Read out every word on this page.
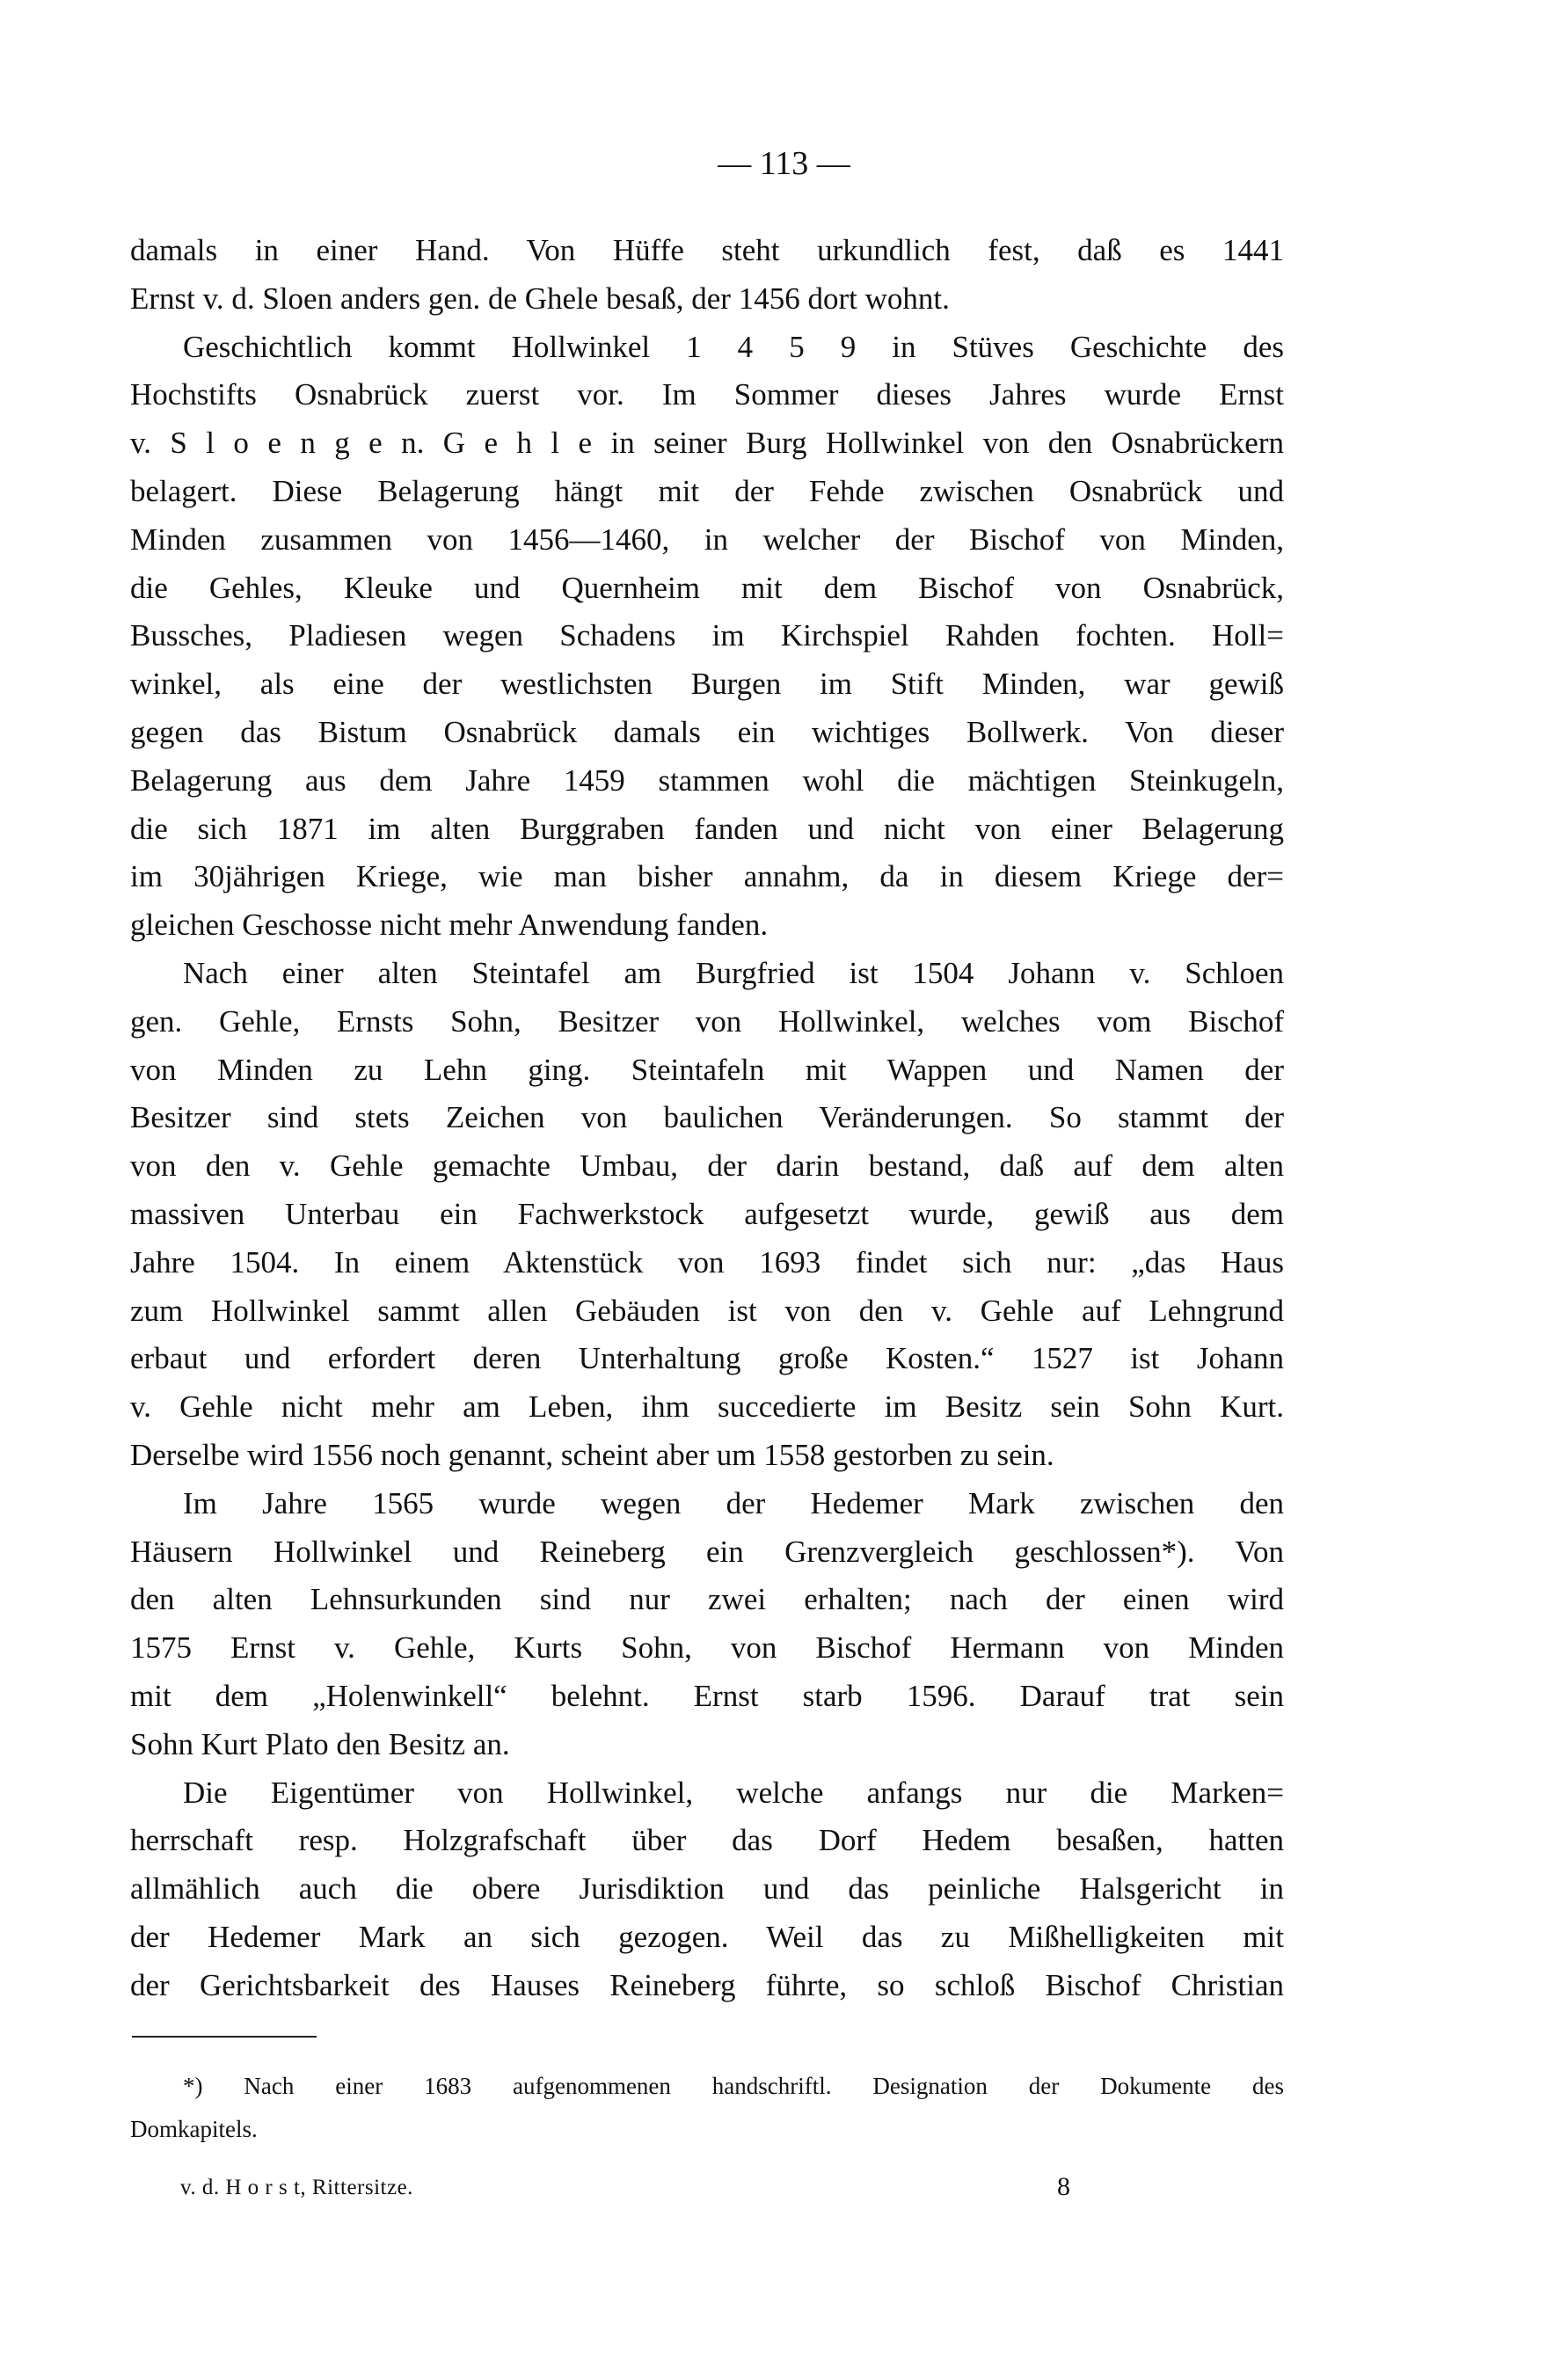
— 113 —
damals in einer Hand. Von Hüffe steht urkundlich fest, daß es 1441
Ernst v. d. Sloen anders gen. de Ghele besaß, der 1456 dort wohnt.
Geschichtlich kommt Hollwinkel 1 4 5 9 in Stüves Geschichte des
Hochstifts Osnabrück zuerst vor. Im Sommer dieses Jahres wurde Ernst
v. S l o e n g e n. G e h l e in seiner Burg Hollwinkel von den Osnabrückern
belagert. Diese Belagerung hängt mit der Fehde zwischen Osnabrück und
Minden zusammen von 1456—1460, in welcher der Bischof von Minden,
die Gehles, Kleuke und Quernheim mit dem Bischof von Osnabrück,
Bussches, Pladiesen wegen Schadens im Kirchspiel Rahden fochten. Holl=
winkel, als eine der westlichsten Burgen im Stift Minden, war gewiß
gegen das Bistum Osnabrück damals ein wichtiges Bollwerk. Von dieser
Belagerung aus dem Jahre 1459 stammen wohl die mächtigen Steinkugeln,
die sich 1871 im alten Burggraben fanden und nicht von einer Belagerung
im 30jährigen Kriege, wie man bisher annahm, da in diesem Kriege der=
gleichen Geschosse nicht mehr Anwendung fanden.
Nach einer alten Steintafel am Burgfried ist 1504 Johann v. Schloen
gen. Gehle, Ernsts Sohn, Besitzer von Hollwinkel, welches vom Bischof
von Minden zu Lehn ging. Steintafeln mit Wappen und Namen der
Besitzer sind stets Zeichen von baulichen Veränderungen. So stammt der
von den v. Gehle gemachte Umbau, der darin bestand, daß auf dem alten
massiven Unterbau ein Fachwerkstock aufgesetzt wurde, gewiß aus dem
Jahre 1504. In einem Aktenstück von 1693 findet sich nur: „das Haus
zum Hollwinkel sammt allen Gebäuden ist von den v. Gehle auf Lehngrund
erbaut und erfordert deren Unterhaltung große Kosten.“ 1527 ist Johann
v. Gehle nicht mehr am Leben, ihm succedierte im Besitz sein Sohn Kurt.
Derselbe wird 1556 noch genannt, scheint aber um 1558 gestorben zu sein.
Im Jahre 1565 wurde wegen der Hedemer Mark zwischen den
Häusern Hollwinkel und Reineberg ein Grenzvergleich geschlossen*). Von
den alten Lehnsurkunden sind nur zwei erhalten; nach der einen wird
1575 Ernst v. Gehle, Kurts Sohn, von Bischof Hermann von Minden
mit dem „Holenwinkell“ belehnt. Ernst starb 1596. Darauf trat sein
Sohn Kurt Plato den Besitz an.
Die Eigentümer von Hollwinkel, welche anfangs nur die Marken=
herrschaft resp. Holzgrafschaft über das Dorf Hedem besaßen, hatten
allmählich auch die obere Jurisdiktion und das peinliche Halsgericht in
der Hedemer Mark an sich gezogen. Weil das zu Mißhelligkeiten mit
der Gerichtsbarkeit des Hauses Reineberg führte, so schloß Bischof Christian
*) Nach einer 1683 aufgenommenen handschriftl. Designation der Dokumente des
Domkapitels.
v. d. H o r s t, Rittersitze.	8
